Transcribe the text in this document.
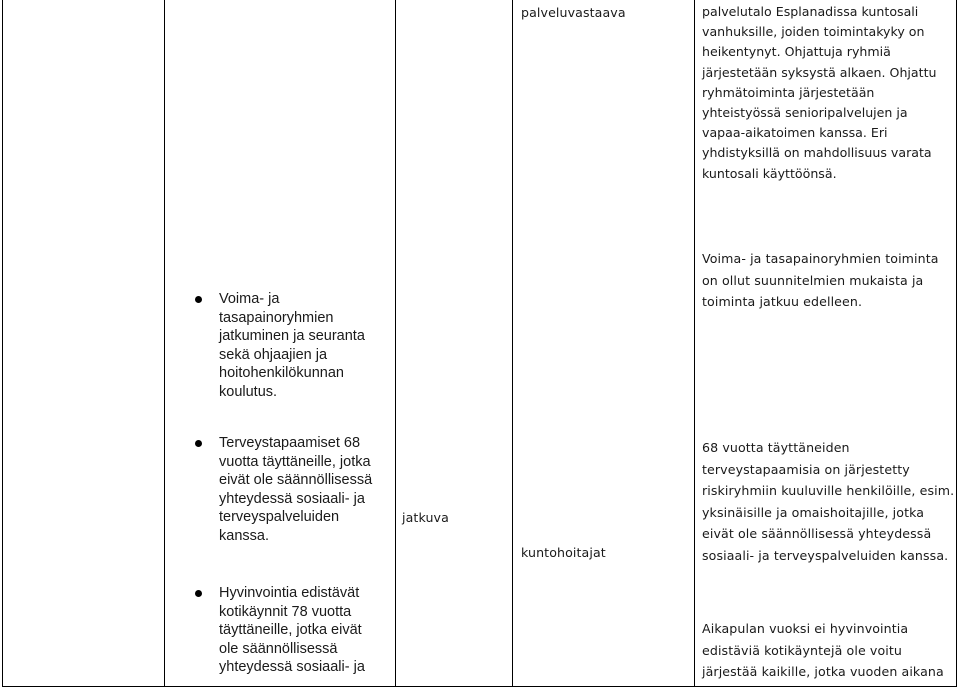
palveluvastaava	palvelutalo Esplanadissa kuntosali
vanhuksille, joiden toimintakyky on
heikentynyt. Ohjattuja ryhmiä
järjestetään syksystä alkaen. Ohjattu
ryhmätoiminta järjestetään
yhteistyössä senioripalvelujen ja
vapaa-aikatoimen kanssa. Eri
yhdistyksillä on mahdollisuus varata
kuntosali käyttöönsä.
Voima- ja
tasapainoryhmien
jatkuminen ja seuranta
sekä ohjaajien ja
hoitohenkilökunnan
koulutus.
Voima- ja tasapainoryhmien toiminta
on ollut suunnitelmien mukaista ja
toiminta jatkuu edelleen.
Terveystapaamiset 68
vuotta täyttäneille, jotka
eivät ole säännöllisessä
yhteydessä sosiaali- ja
terveyspalveluiden
kanssa.
jatkuva
kuntohoitajat
68 vuotta täyttäneiden
terveystapaamisia on järjestetty
riskiryhmiin kuuluville henkilöille, esim.
yksinäisille ja omaishoitajille, jotka
eivät ole säännöllisessä yhteydessä
sosiaali- ja terveyspalveluiden kanssa.
Hyvinvointia edistävät
kotikäynnit 78 vuotta
täyttäneille, jotka eivät
ole säännöllisessä
yhteydessä sosiaali- ja
Aikapulan vuoksi ei hyvinvointia
edistäviä kotikäyntejä ole voitu
järjestää kaikille, jotka vuoden aikana
